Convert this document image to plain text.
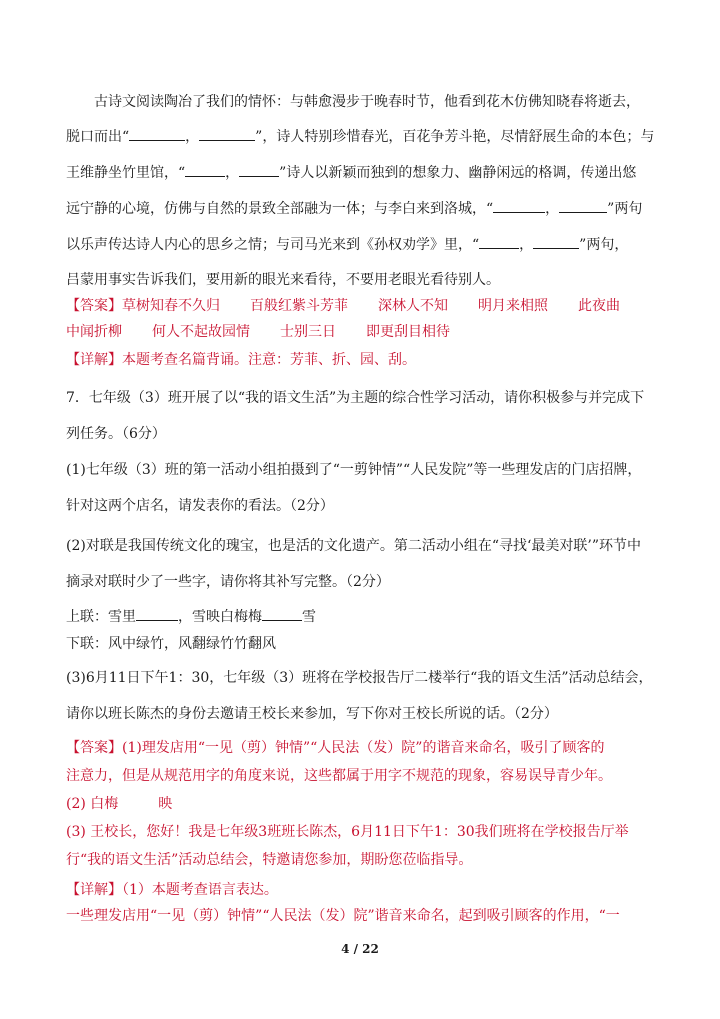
古诗文阅读陶冶了我们的情怀：与韩愈漫步于晚春时节，他看到花木仿佛知晓春将逝去，
脱口而出“	，	”，诗人特别珍惜春光，百花争芳斗艳，尽情舒展生命的本色；与
王维静坐竹里馆，“	，	”诗人以新颖而独到的想象力、幽静闲远的格调，传递出悠
远宁静的心境，仿佛与自然的景致全部融为一体；与李白来到洛城，“	，	”两句
以乐声传达诗人内心的思乡之情；与司马光来到《孙权劝学》里，“	，	”两句，
吕蒙用事实告诉我们，要用新的眼光来看待，不要用老眼光看待别人。
【答案】草树知春不久归 百般红紫斗芳菲 深林人不知 明月来相照 此夜曲
中闻折柳 何人不起故园情 士别三日 即更刮目相待
【详解】本题考查名篇背诵。注意：芳菲、折、园、刮。
7．七年级（3）班开展了以“我的语文生活”为主题的综合性学习活动，请你积极参与并完成下
列任务。（6分）
(1)七年级（3）班的第一活动小组拍摄到了“一剪钟情”“人民发院”等一些理发店的门店招牌，
针对这两个店名，请发表你的看法。（2分）
(2)对联是我国传统文化的瑰宝，也是活的文化遗产。第二活动小组在“寻找‘最美对联’”环节中
摘录对联时少了一些字，请你将其补写完整。（2分）
上联：雪里	，雪映白梅梅	雪
下联：风中绿竹，风翻绿竹竹翻风
(3)6月11日下午1：30，七年级（3）班将在学校报告厅二楼举行“我的语文生活”活动总结会，
请你以班长陈杰的身份去邀请王校长来参加，写下你对王校长所说的话。（2分）
【答案】(1)理发店用“一见（剪）钟情”“人民法（发）院”的谐音来命名，吸引了顾客的
注意力，但是从规范用字的角度来说，这些都属于用字不规范的现象，容易误导青少年。
(2) 白梅	映
(3) 王校长，您好！我是七年级3班班长陈杰，6月11日下午1：30我们班将在学校报告厅举
行“我的语文生活”活动总结会，特邀请您参加，期盼您莅临指导。
【详解】（1）本题考查语言表达。
一些理发店用“一见（剪）钟情”“人民法（发）院”谐音来命名，起到吸引顾客的作用，“一
4 / 22
